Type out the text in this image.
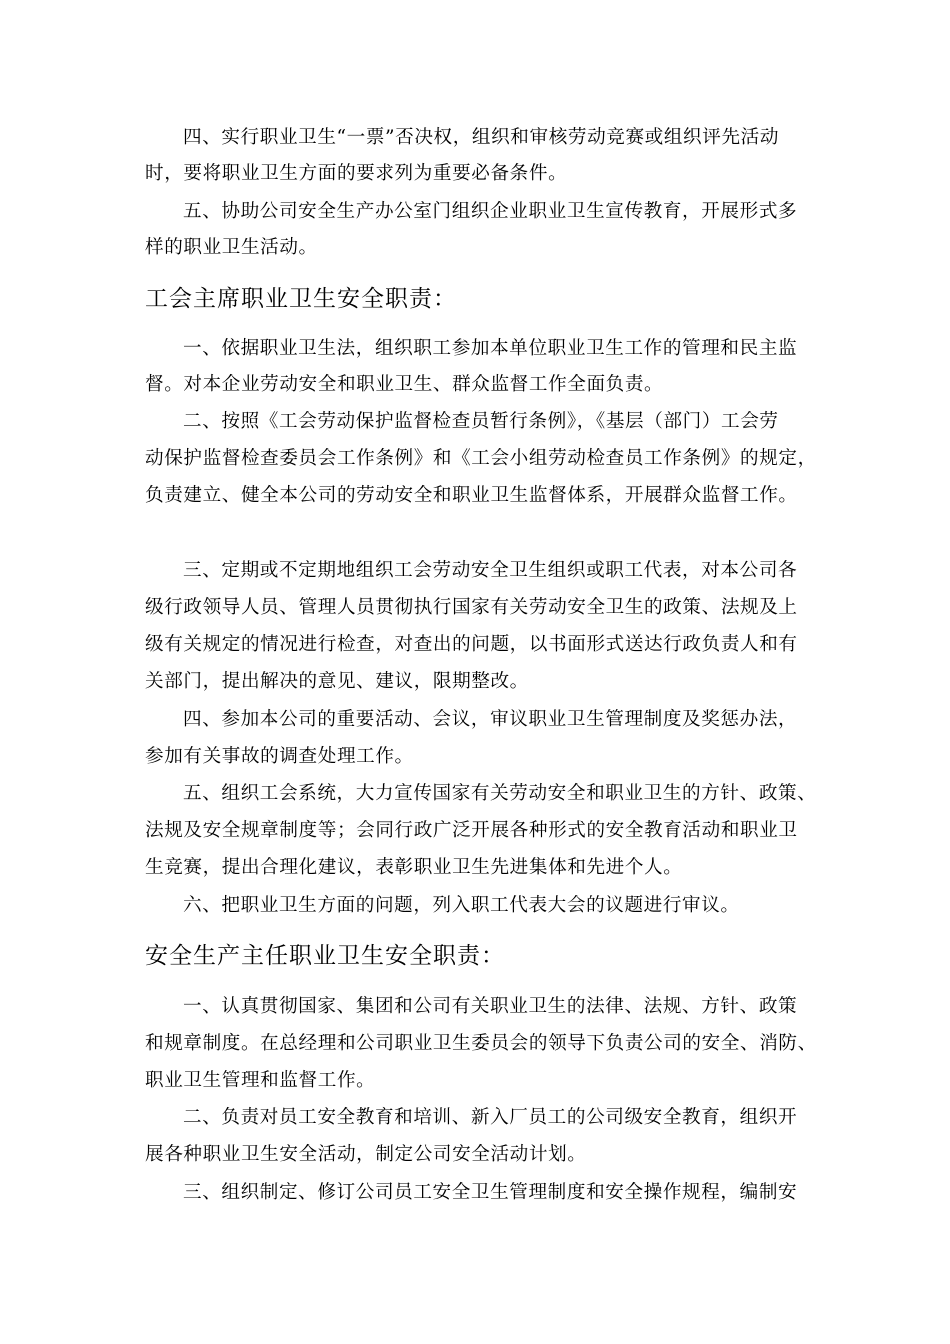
四、实行职业卫生“一票”否决权，组织和审核劳动竞赛或组织评先活动
时，要将职业卫生方面的要求列为重要必备条件。
五、协助公司安全生产办公室门组织企业职业卫生宣传教育，开展形式多
样的职业卫生活动。
工会主席职业卫生安全职责：
一、依据职业卫生法，组织职工参加本单位职业卫生工作的管理和民主监
督。对本企业劳动安全和职业卫生、群众监督工作全面负责。
二、按照《工会劳动保护监督检查员暂行条例》，《基层（部门）工会劳
动保护监督检查委员会工作条例》和《工会小组劳动检查员工作条例》的规定，
负责建立、健全本公司的劳动安全和职业卫生监督体系，开展群众监督工作。
三、定期或不定期地组织工会劳动安全卫生组织或职工代表，对本公司各
级行政领导人员、管理人员贯彻执行国家有关劳动安全卫生的政策、法规及上
级有关规定的情况进行检查，对查出的问题，以书面形式送达行政负责人和有
关部门，提出解决的意见、建议，限期整改。
四、参加本公司的重要活动、会议，审议职业卫生管理制度及奖惩办法，
参加有关事故的调查处理工作。
五、组织工会系统，大力宣传国家有关劳动安全和职业卫生的方针、政策、
法规及安全规章制度等；会同行政广泛开展各种形式的安全教育活动和职业卫
生竞赛，提出合理化建议，表彰职业卫生先进集体和先进个人。
六、把职业卫生方面的问题，列入职工代表大会的议题进行审议。
安全生产主任职业卫生安全职责：
一、认真贯彻国家、集团和公司有关职业卫生的法律、法规、方针、政策
和规章制度。在总经理和公司职业卫生委员会的领导下负责公司的安全、消防、
职业卫生管理和监督工作。
二、负责对员工安全教育和培训、新入厂员工的公司级安全教育，组织开
展各种职业卫生安全活动，制定公司安全活动计划。
三、组织制定、修订公司员工安全卫生管理制度和安全操作规程，编制安
